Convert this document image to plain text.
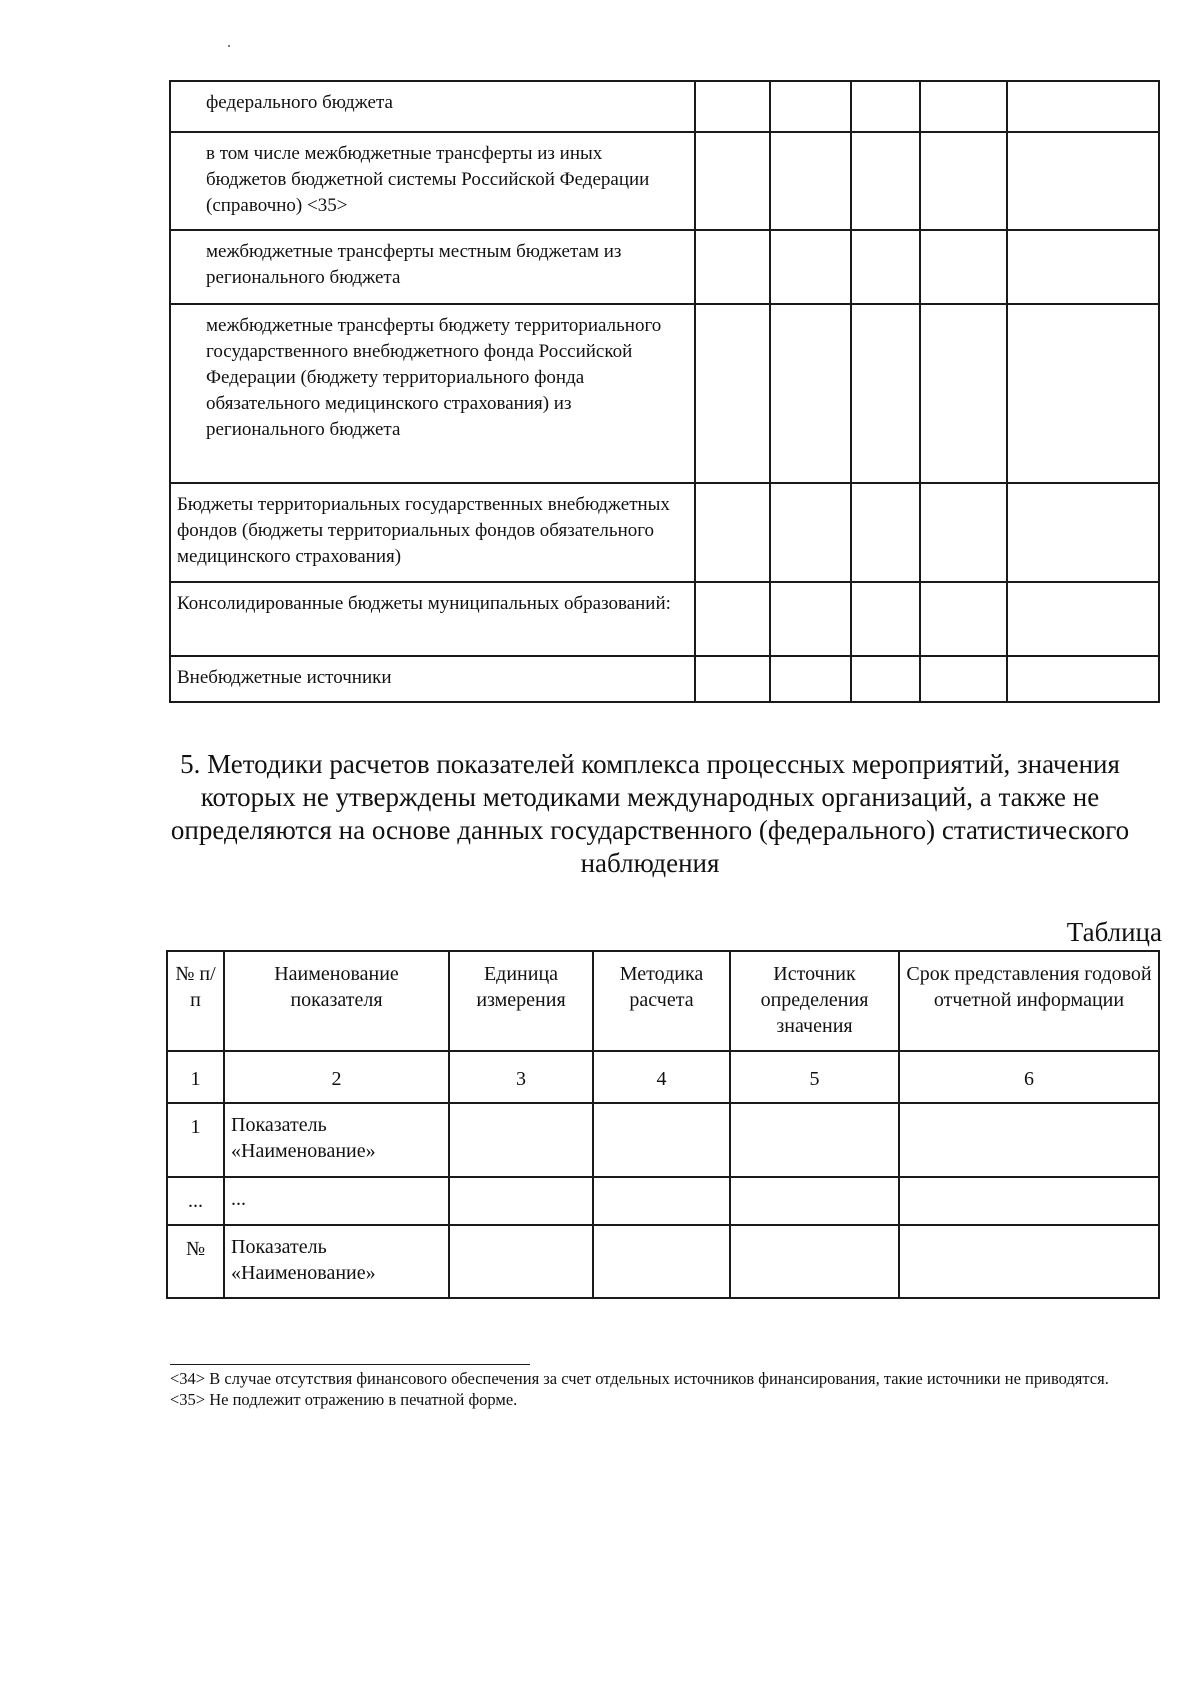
федерального бюджета					
в том числе межбюджетные трансферты из иных бюджетов бюджетной системы Российской Федерации (справочно) <35>					
межбюджетные трансферты местным бюджетам из регионального бюджета					
межбюджетные трансферты бюджету территориального государственного внебюджетного фонда Российской Федерации (бюджету территориального фонда обязательного медицинского страхования) из регионального бюджета					
Бюджеты территориальных государственных внебюджетных фондов (бюджеты территориальных фондов обязательного медицинского страхования)					
Консолидированные бюджеты муниципальных образований:					
Внебюджетные источники					
5. Методики расчетов показателей комплекса процессных мероприятий, значения которых не утверждены методиками международных организаций, а также не определяются на основе данных государственного (федерального) статистического наблюдения
Таблица
№ п/п	Наименование показателя	Единица измерения	Методика расчета	Источник определения значения	Срок представления годовой отчетной информации
1	2	3	4	5	6
1	Показатель «Наименование»				
...	...				
№	Показатель «Наименование»				

<34> В случае отсутствия финансового обеспечения за счет отдельных источников финансирования, такие источники не приводятся.

<35> Не подлежит отражению в печатной форме.
